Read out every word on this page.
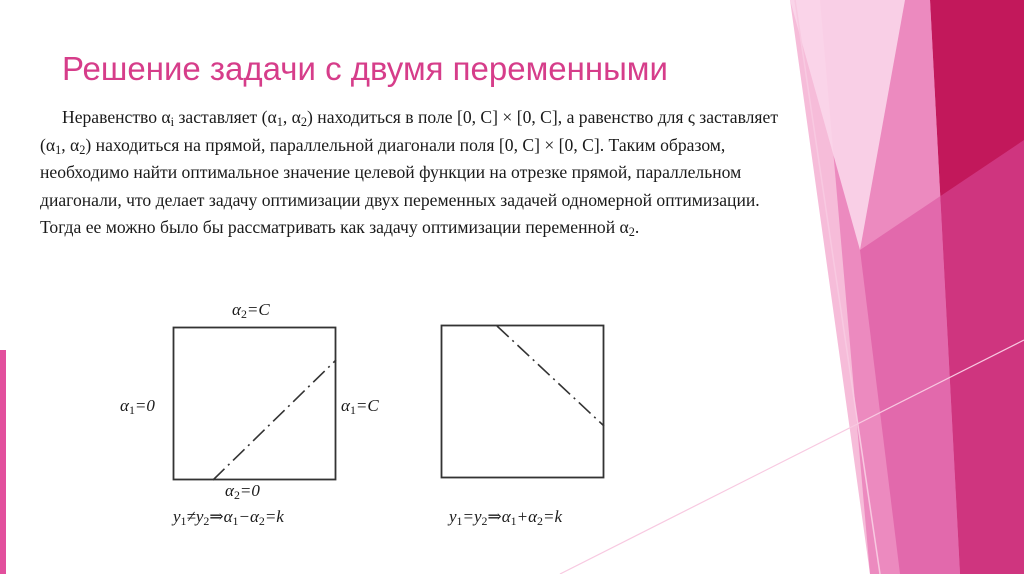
Решение задачи с двумя переменными

Неравенство $\alpha_i$ заставляет ($\alpha_1$, $\alpha_2$) находиться в поле [0, C] × [0, C], а равенство для ς заставляет ($\alpha_1$, $\alpha_2$) находиться на прямой, параллельной диагонали поля [0, C] × [0, C]. Таким образом, необходимо найти оптимальное значение целевой функции на отрезке прямой, параллельном диагонали, что делает задачу оптимизации двух переменных задачей одномерной оптимизации. Тогда ее можно было бы рассматривать как задачу оптимизации переменной $\alpha_2$.

$\alpha_2=C$
$\alpha_1=0$	$\alpha_1=C$
$\alpha_2=0$
$y_1\ne y_2\Rightarrow\alpha_1-\alpha_2=k$	$y_1=y_2\Rightarrow\alpha_1+\alpha_2=k$
